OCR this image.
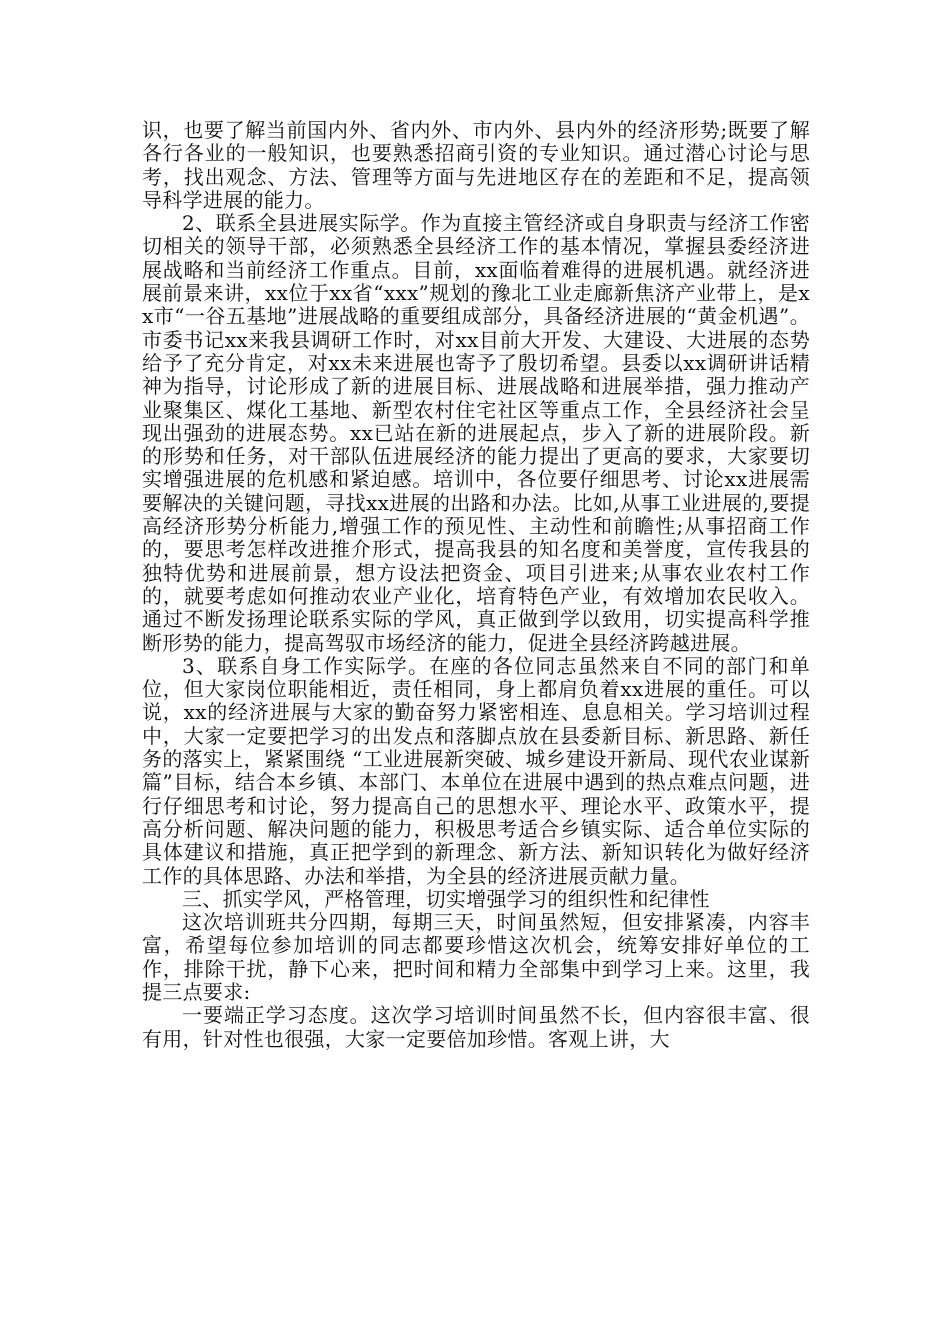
识，也要了解当前国内外、省内外、市内外、县内外的经济形势;既要了解各行各业的一般知识，也要熟悉招商引资的专业知识。通过潜心讨论与思考，找出观念、方法、管理等方面与先进地区存在的差距和不足，提高领导科学进展的能力。

2、联系全县进展实际学。作为直接主管经济或自身职责与经济工作密切相关的领导干部，必须熟悉全县经济工作的基本情况，掌握县委经济进展战略和当前经济工作重点。目前，xx面临着难得的进展机遇。就经济进展前景来讲，xx位于xx省“xxx”规划的豫北工业走廊新焦济产业带上，是xx市“一谷五基地”进展战略的重要组成部分，具备经济进展的“黄金机遇”。市委书记xx来我县调研工作时，对xx目前大开发、大建设、大进展的态势给予了充分肯定，对xx未来进展也寄予了殷切希望。县委以xx调研讲话精神为指导，讨论形成了新的进展目标、进展战略和进展举措，强力推动产业聚集区、煤化工基地、新型农村住宅社区等重点工作，全县经济社会呈现出强劲的进展态势。xx已站在新的进展起点，步入了新的进展阶段。新的形势和任务，对干部队伍进展经济的能力提出了更高的要求，大家要切实增强进展的危机感和紧迫感。培训中，各位要仔细思考、讨论xx进展需要解决的关键问题，寻找xx进展的出路和办法。比如,从事工业进展的,要提高经济形势分析能力,增强工作的预见性、主动性和前瞻性;从事招商工作的，要思考怎样改进推介形式，提高我县的知名度和美誉度，宣传我县的独特优势和进展前景，想方设法把资金、项目引进来;从事农业农村工作的，就要考虑如何推动农业产业化，培育特色产业，有效增加农民收入。通过不断发扬理论联系实际的学风，真正做到学以致用，切实提高科学推断形势的能力，提高驾驭市场经济的能力，促进全县经济跨越进展。

3、联系自身工作实际学。在座的各位同志虽然来自不同的部门和单位，但大家岗位职能相近，责任相同，身上都肩负着xx进展的重任。可以说，xx的经济进展与大家的勤奋努力紧密相连、息息相关。学习培训过程中，大家一定要把学习的出发点和落脚点放在县委新目标、新思路、新任务的落实上，紧紧围绕 “工业进展新突破、城乡建设开新局、现代农业谋新篇”目标，结合本乡镇、本部门、本单位在进展中遇到的热点难点问题，进行仔细思考和讨论，努力提高自己的思想水平、理论水平、政策水平，提高分析问题、解决问题的能力，积极思考适合乡镇实际、适合单位实际的具体建议和措施，真正把学到的新理念、新方法、新知识转化为做好经济工作的具体思路、办法和举措，为全县的经济进展贡献力量。

三、抓实学风，严格管理，切实增强学习的组织性和纪律性

这次培训班共分四期，每期三天，时间虽然短，但安排紧凑，内容丰富，希望每位参加培训的同志都要珍惜这次机会，统筹安排好单位的工作，排除干扰，静下心来，把时间和精力全部集中到学习上来。这里，我提三点要求:

一要端正学习态度。这次学习培训时间虽然不长，但内容很丰富、很有用，针对性也很强，大家一定要倍加珍惜。客观上讲，大
